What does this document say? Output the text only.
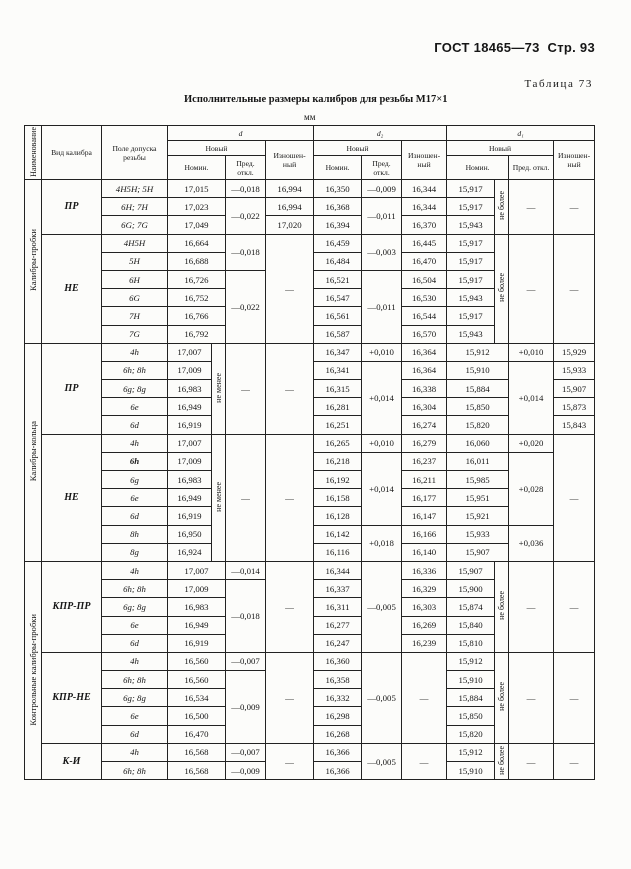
ГОСТ 18465—73 Стр. 93
Таблица 73
Исполнительные размеры калибров для резьбы М17×1
мм
Наименование	Вид калибра	Поле допуска резьбы	d				d₂			d₁			
			Новый			Изношен-ный	Новый		Изношен-ный	Новый			Изношен-ный
			Номин.		Пред. откл.		Номин.	Пред. откл.		Номин.		Пред. откл.	
Калибры-пробки	ПР	4H5H; 5H	17,015		—0,018	16,994	16,350	—0,009	16,344	15,917	не более	—	—
		6H; 7H	17,023		—0,022	16,994	16,368	—0,011	16,344	15,917			
		6G; 7G	17,049			17,020	16,394		16,370	15,943			
	НЕ	4H5H	16,664		—0,018	—	16,459	—0,003	16,445	15,917	не более	—	—
		5H	16,688				16,484		16,470	15,917			
		6H	16,726		—0,022		16,521	—0,011	16,504	15,917			
		6G	16,752				16,547		16,530	15,943			
		7H	16,766				16,561		16,544	15,917			
		7G	16,792				16,587		16,570	15,943			
Калибры-кольца	ПР	4h	17,007	не менее	—	—	16,347	+0,010	16,364	15,912		+0,010	15,929
		6h; 8h	17,009				16,341	+0,014	16,364	15,910		+0,014	15,933
		6g; 8g	16,983				16,315		16,338	15,884			15,907
		6e	16,949				16,281		16,304	15,850			15,873
		6d	16,919				16,251		16,274	15,820			15,843
	НЕ	4h	17,007	не менее	—	—	16,265	+0,010	16,279	16,060		+0,020	—
		6h	17,009				16,218	+0,014	16,237	16,011		+0,028	
		6g	16,983				16,192		16,211	15,985			
		6e	16,949				16,158		16,177	15,951			
		6d	16,919				16,128		16,147	15,921			
		8h	16,950				16,142	+0,018	16,166	15,933		+0,036	
		8g	16,924				16,116		16,140	15,907			
Контрольные калибры-пробки	КПР-ПР	4h	17,007		—0,014	—	16,344	—0,005	16,336	15,907	не более	—	—
		6h; 8h	17,009		—0,018		16,337		16,329	15,900			
		6g; 8g	16,983				16,311		16,303	15,874			
		6e	16,949				16,277		16,269	15,840			
		6d	16,919				16,247		16,239	15,810			
	КПР-НЕ	4h	16,560		—0,007	—	16,360	—0,005	—	15,912	не более	—	—
		6h; 8h	16,560		—0,009		16,358			15,910			
		6g; 8g	16,534				16,332			15,884			
		6e	16,500				16,298			15,850			
		6d	16,470				16,268			15,820			
	К-И	4h	16,568		—0,007	—	16,366	—0,005	—	15,912	не более	—	—
		6h; 8h	16,568		—0,009		16,366			15,910			
